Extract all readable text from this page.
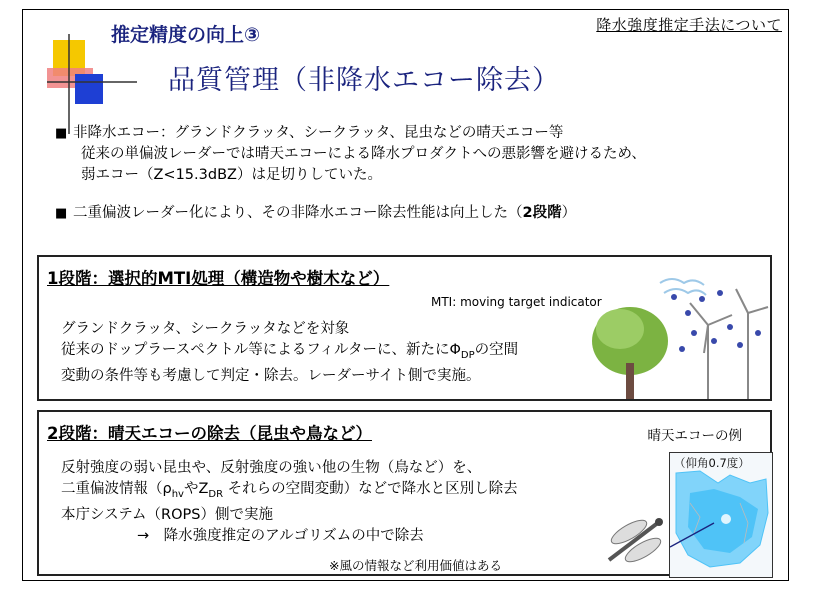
降水強度推定手法について
推定精度の向上③
品質管理（非降水エコー除去）
■ 非降水エコー：グランドクラッタ、シークラッタ、昆虫などの晴天エコー等
従来の単偏波レーダーでは晴天エコーによる降水プロダクトへの悪影響を避けるため、
弱エコー（Z<15.3dBZ）は足切りしていた。
■ 二重偏波レーダー化により、その非降水エコー除去性能は向上した（2段階）
1段階：選択的MTI処理（構造物や樹木など）
MTI: moving target indicator
グランドクラッタ、シークラッタなどを対象
従来のドップラースペクトル等によるフィルターに、新たに$\Phi_{DP}$の空間
変動の条件等も考慮して判定・除去。レーダーサイト側で実施。
2段階：晴天エコーの除去（昆虫や鳥など）	晴天エコーの例
反射強度の弱い昆虫や、反射強度の強い他の生物（鳥など）を、
二重偏波情報（$\rho_{hv}$や$Z_{DR}$ それらの空間変動）などで降水と区別し除去
本庁システム（ROPS）側で実施
→　降水強度推定のアルゴリズムの中で除去
（仰角0.7度）
※風の情報など利用価値はある
